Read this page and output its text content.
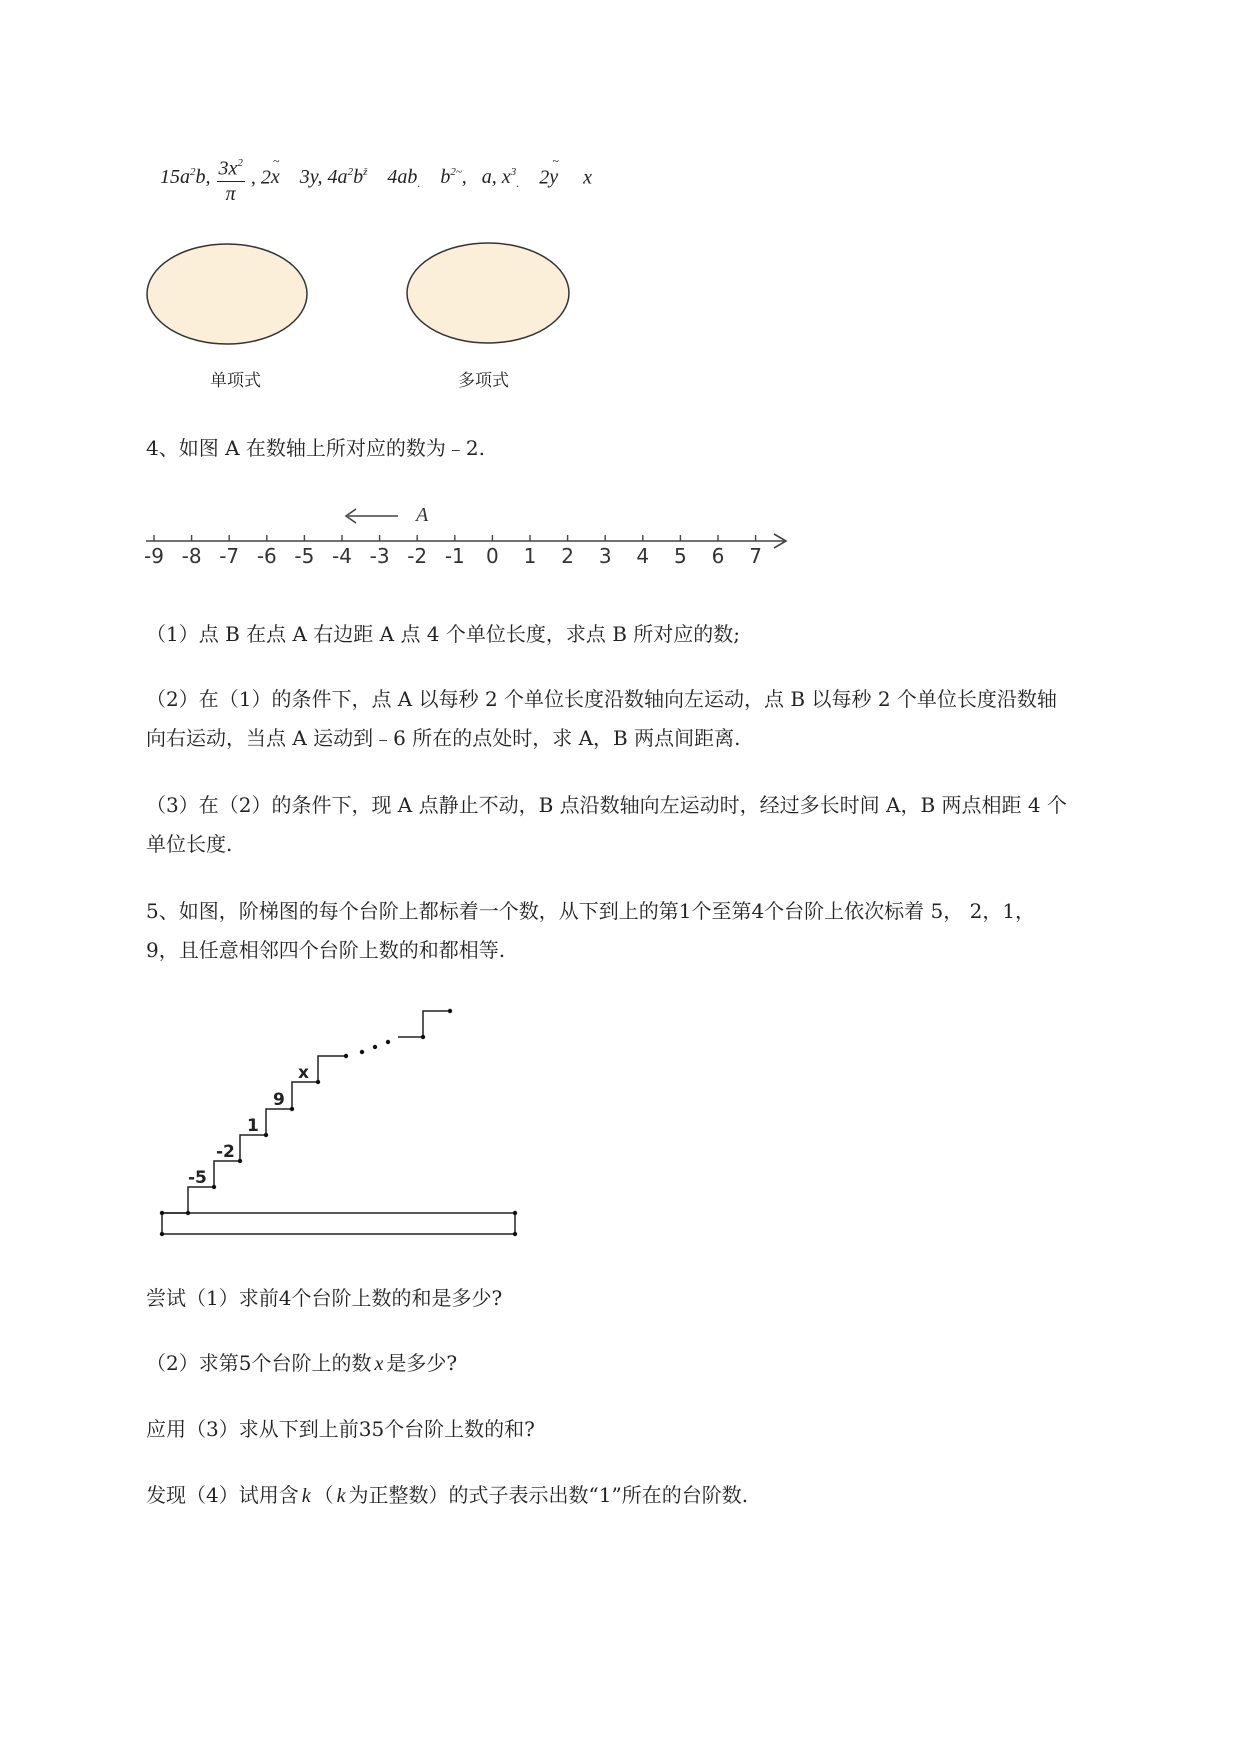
$15a^2b$, $\frac{3x^2}{\pi}$ , 2x
~
3y, $4a^2b^ž$ $4ab_.$ $b^{2\sim}$, a, $x^3_.$ 2y
~
x
单项式	多项式
4、如图 A 在数轴上所对应的数为﹣2.
A
-9 -8 -7 -6 -5 -4 -3 -2 -1 0 1 2 3 4 5 6 7
（1）点 B 在点 A 右边距 A 点 4 个单位长度，求点 B 所对应的数;
（2）在（1）的条件下，点 A 以每秒 2 个单位长度沿数轴向左运动，点 B 以每秒 2 个单位长度沿数轴
向右运动，当点 A 运动到﹣6 所在的点处时，求 A，B 两点间距离.
（3）在（2）的条件下，现 A 点静止不动，B 点沿数轴向左运动时，经过多长时间 A，B 两点相距 4 个
单位长度.
5、如图，阶梯图的每个台阶上都标着一个数，从下到上的第1个至第4个台阶上依次标着 5， 2，1，
9，且任意相邻四个台阶上数的和都相等.
-5
-2
1
9
x
尝试（1）求前4个台阶上数的和是多少?
（2）求第5个台阶上的数 x 是多少?
应用（3）求从下到上前35个台阶上数的和?
发现（4）试用含 k （ k 为正整数）的式子表示出数“1”所在的台阶数.
